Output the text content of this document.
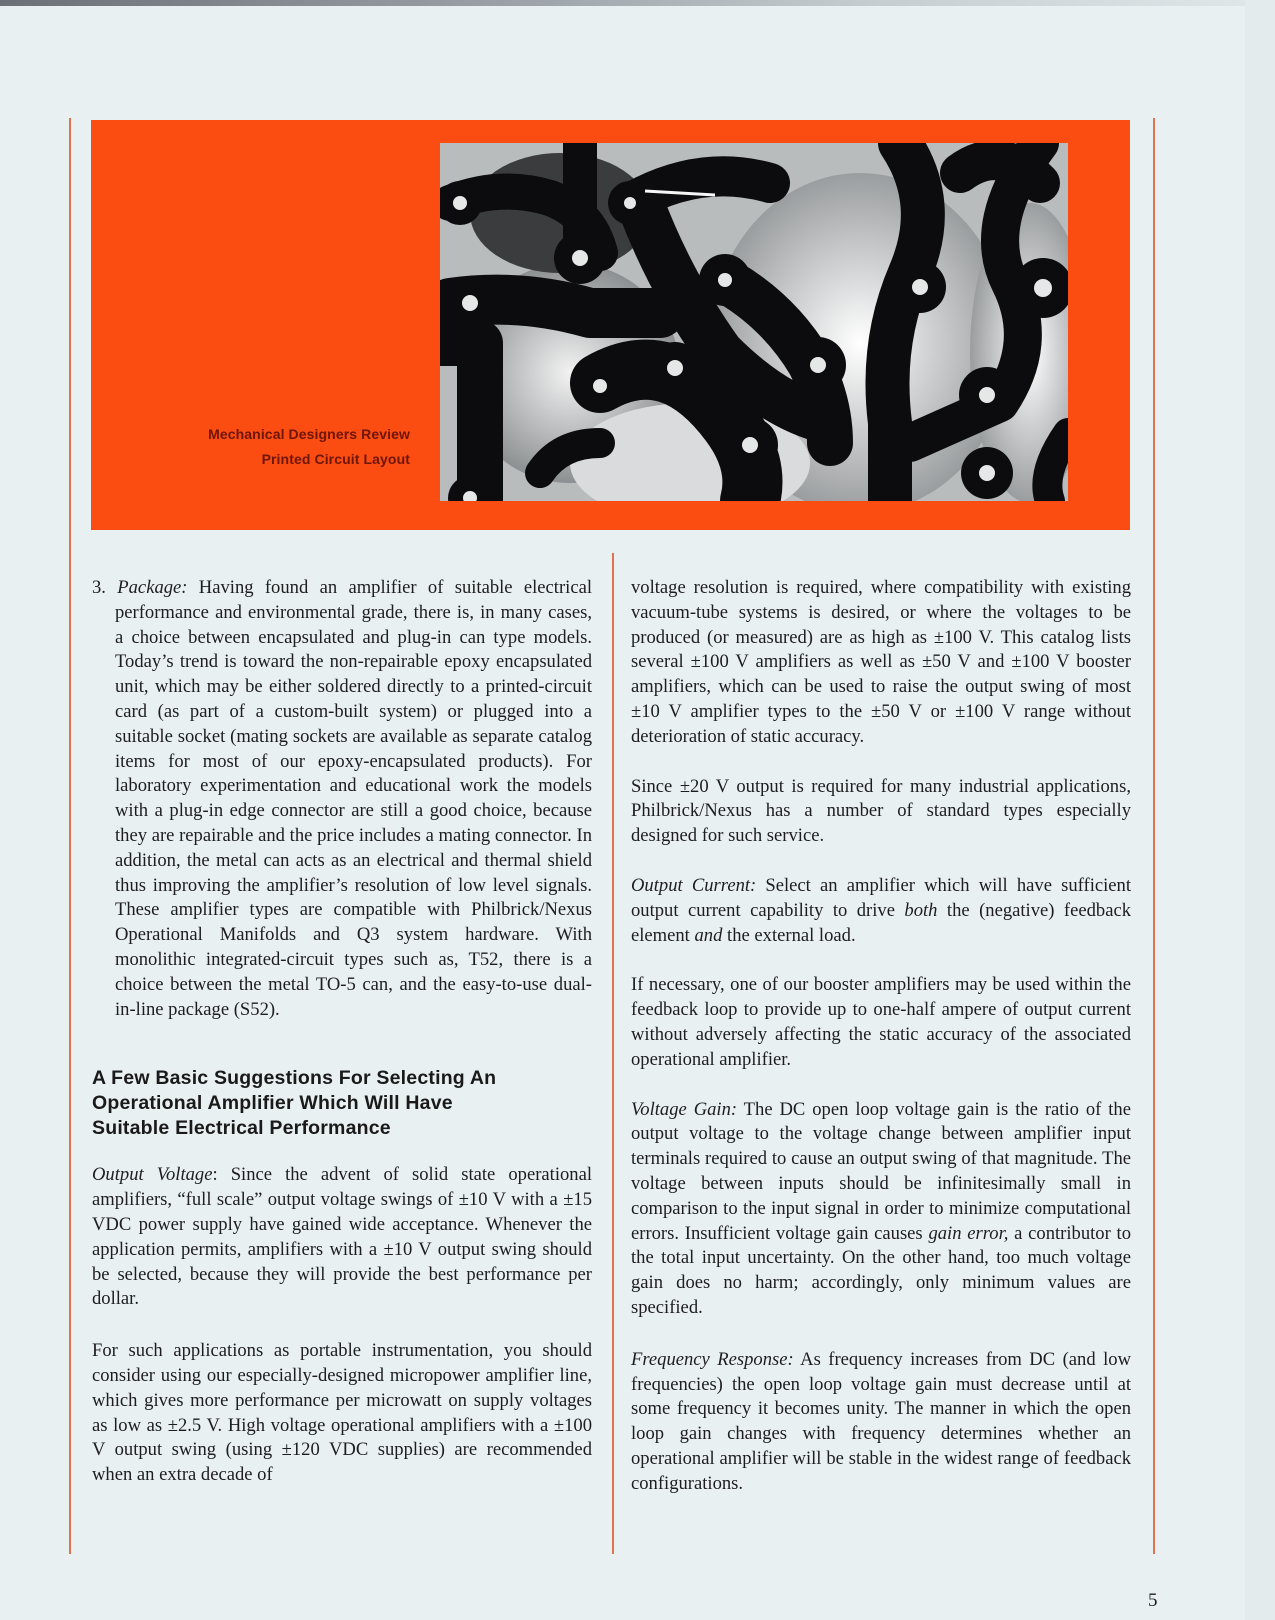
Mechanical Designers Review
Printed Circuit Layout

3. Package: Having found an amplifier of suitable electrical performance and environmental grade, there is, in many cases, a choice between encapsulated and plug-in can type models. Today’s trend is toward the non-repairable epoxy encapsulated unit, which may be either soldered directly to a printed-circuit card (as part of a custom-built system) or plugged into a suitable socket (mating sockets are available as separate catalog items for most of our epoxy-encapsulated products). For laboratory experimentation and educational work the models with a plug-in edge connector are still a good choice, because they are repairable and the price includes a mating connector. In addition, the metal can acts as an electrical and thermal shield thus improving the amplifier’s resolution of low level signals. These amplifier types are compatible with Philbrick/Nexus Operational Manifolds and Q3 system hardware. With monolithic integrated-circuit types such as, T52, there is a choice between the metal TO-5 can, and the easy-to-use dual-in-line package (S52).

A Few Basic Suggestions For Selecting An
Operational Amplifier Which Will Have
Suitable Electrical Performance

Output Voltage: Since the advent of solid state operational amplifiers, “full scale” output voltage swings of ±10 V with a ±15 VDC power supply have gained wide acceptance. Whenever the application permits, amplifiers with a ±10 V output swing should be selected, because they will provide the best performance per dollar.

For such applications as portable instrumentation, you should consider using our especially-designed micropower amplifier line, which gives more performance per microwatt on supply voltages as low as ±2.5 V. High voltage operational amplifiers with a ±100 V output swing (using ±120 VDC supplies) are recommended when an extra decade of

voltage resolution is required, where compatibility with existing vacuum-tube systems is desired, or where the voltages to be produced (or measured) are as high as ±100 V. This catalog lists several ±100 V amplifiers as well as ±50 V and ±100 V booster amplifiers, which can be used to raise the output swing of most ±10 V amplifier types to the ±50 V or ±100 V range without deterioration of static accuracy.

Since ±20 V output is required for many industrial applications, Philbrick/Nexus has a number of standard types especially designed for such service.

Output Current: Select an amplifier which will have sufficient output current capability to drive both the (negative) feedback element and the external load.

If necessary, one of our booster amplifiers may be used within the feedback loop to provide up to one-half ampere of output current without adversely affecting the static accuracy of the associated operational amplifier.

Voltage Gain: The DC open loop voltage gain is the ratio of the output voltage to the voltage change between amplifier input terminals required to cause an output swing of that magnitude. The voltage between inputs should be infinitesimally small in comparison to the input signal in order to minimize computational errors. Insufficient voltage gain causes gain error, a contributor to the total input uncertainty. On the other hand, too much voltage gain does no harm; accordingly, only minimum values are specified.

Frequency Response: As frequency increases from DC (and low frequencies) the open loop voltage gain must decrease until at some frequency it becomes unity. The manner in which the open loop gain changes with frequency determines whether an operational amplifier will be stable in the widest range of feedback configurations.

5
